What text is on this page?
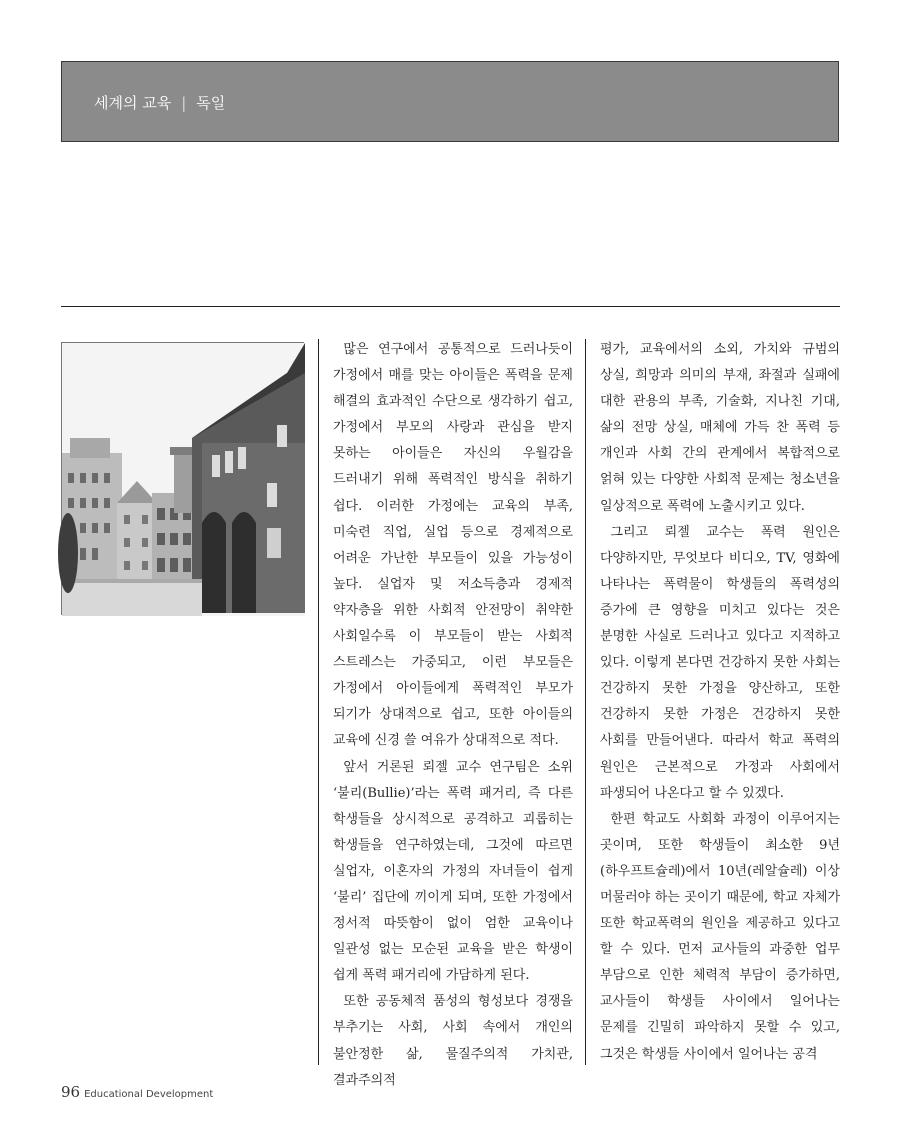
세계의 교육 | 독일

많은 연구에서 공통적으로 드러나듯이 가정에서 매를 맞는 아이들은 폭력을 문제 해결의 효과적인 수단으로 생각하기 쉽고, 가정에서 부모의 사랑과 관심을 받지 못하는 아이들은 자신의 우월감을 드러내기 위해 폭력적인 방식을 취하기 쉽다. 이러한 가정에는 교육의 부족, 미숙련 직업, 실업 등으로 경제적으로 어려운 가난한 부모들이 있을 가능성이 높다. 실업자 및 저소득층과 경제적 약자층을 위한 사회적 안전망이 취약한 사회일수록 이 부모들이 받는 사회적 스트레스는 가중되고, 이런 부모들은 가정에서 아이들에게 폭력적인 부모가 되기가 상대적으로 쉽고, 또한 아이들의 교육에 신경 쓸 여유가 상대적으로 적다.

앞서 거론된 뢰젤 교수 연구팀은 소위 ‘불리(Bullie)’라는 폭력 패거리, 즉 다른 학생들을 상시적으로 공격하고 괴롭히는 학생들을 연구하였는데, 그것에 따르면 실업자, 이혼자의 가정의 자녀들이 쉽게 ‘불리’ 집단에 끼이게 되며, 또한 가정에서 정서적 따뜻함이 없이 엄한 교육이나 일관성 없는 모순된 교육을 받은 학생이 쉽게 폭력 패거리에 가담하게 된다.

또한 공동체적 품성의 형성보다 경쟁을 부추기는 사회, 사회 속에서 개인의 불안정한 삶, 물질주의적 가치관, 결과주의적

평가, 교육에서의 소외, 가치와 규범의 상실, 희망과 의미의 부재, 좌절과 실패에 대한 관용의 부족, 기술화, 지나친 기대, 삶의 전망 상실, 매체에 가득 찬 폭력 등 개인과 사회 간의 관계에서 복합적으로 얽혀 있는 다양한 사회적 문제는 청소년을 일상적으로 폭력에 노출시키고 있다.

그리고 뢰젤 교수는 폭력 원인은 다양하지만, 무엇보다 비디오, TV, 영화에 나타나는 폭력물이 학생들의 폭력성의 증가에 큰 영향을 미치고 있다는 것은 분명한 사실로 드러나고 있다고 지적하고 있다. 이렇게 본다면 건강하지 못한 사회는 건강하지 못한 가정을 양산하고, 또한 건강하지 못한 가정은 건강하지 못한 사회를 만들어낸다. 따라서 학교 폭력의 원인은 근본적으로 가정과 사회에서 파생되어 나온다고 할 수 있겠다.

한편 학교도 사회화 과정이 이루어지는 곳이며, 또한 학생들이 최소한 9년(하우프트슐레)에서 10년(레알슐레) 이상 머물러야 하는 곳이기 때문에, 학교 자체가 또한 학교폭력의 원인을 제공하고 있다고 할 수 있다. 먼저 교사들의 과중한 업무 부담으로 인한 체력적 부담이 증가하면, 교사들이 학생들 사이에서 일어나는 문제를 긴밀히 파악하지 못할 수 있고, 그것은 학생들 사이에서 일어나는 공격

96 Educational Development
